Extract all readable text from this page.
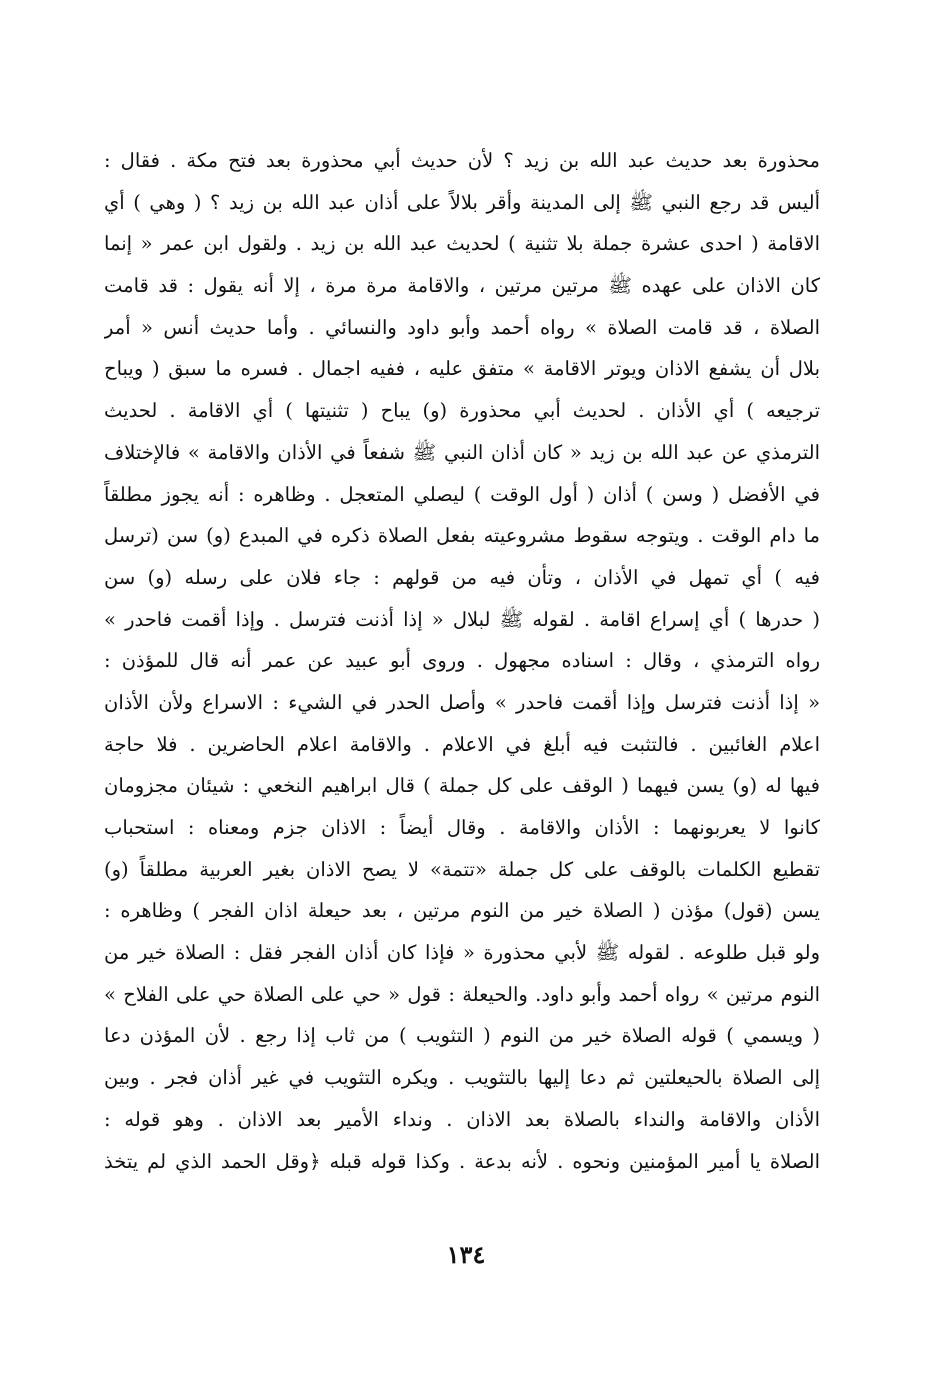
محذورة بعد حديث عبد الله بن زيد ؟ لأن حديث أبي محذورة بعد فتح مكة . فقال :
أليس قد رجع النبي ﷺ إلى المدينة وأقر بلالاً على أذان عبد الله بن زيد ؟ ( وهي ) أي
الاقامة ( احدى عشرة جملة بلا تثنية ) لحديث عبد الله بن زيد . ولقول ابن عمر « إنما
كان الاذان على عهده ﷺ مرتين مرتين ، والاقامة مرة مرة ، إلا أنه يقول : قد قامت
الصلاة ، قد قامت الصلاة » رواه أحمد وأبو داود والنسائي . وأما حديث أنس « أمر
بلال أن يشفع الاذان ويوتر الاقامة » متفق عليه ، ففيه اجمال . فسره ما سبق ( ويباح
ترجيعه ) أي الأذان . لحديث أبي محذورة (و) يباح ( تثنيتها ) أي الاقامة . لحديث
الترمذي عن عبد الله بن زيد « كان أذان النبي ﷺ شفعاً في الأذان والاقامة » فالإختلاف
في الأفضل ( وسن ) أذان ( أول الوقت ) ليصلي المتعجل . وظاهره : أنه يجوز مطلقاً
ما دام الوقت . ويتوجه سقوط مشروعيته بفعل الصلاة ذكره في المبدع (و) سن (ترسل
فيه ) أي تمهل في الأذان ، وتأن فيه من قولهم : جاء فلان على رسله (و) سن
( حدرها ) أي إسراع اقامة . لقوله ﷺ لبلال « إذا أذنت فترسل . وإذا أقمت فاحدر »
رواه الترمذي ، وقال : اسناده مجهول . وروى أبو عبيد عن عمر أنه قال للمؤذن :
« إذا أذنت فترسل وإذا أقمت فاحدر » وأصل الحدر في الشيء : الاسراع ولأن الأذان
اعلام الغائبين . فالتثبت فيه أبلغ في الاعلام . والاقامة اعلام الحاضرين . فلا حاجة
فيها له (و) يسن فيهما ( الوقف على كل جملة ) قال ابراهيم النخعي : شيئان مجزومان
كانوا لا يعربونهما : الأذان والاقامة . وقال أيضاً : الاذان جزم ومعناه : استحباب
تقطيع الكلمات بالوقف على كل جملة «تتمة» لا يصح الاذان بغير العربية مطلقاً (و)
يسن (قول) مؤذن ( الصلاة خير من النوم مرتين ، بعد حيعلة اذان الفجر ) وظاهره :
ولو قبل طلوعه . لقوله ﷺ لأبي محذورة « فإذا كان أذان الفجر فقل : الصلاة خير من
النوم مرتين » رواه أحمد وأبو داود. والحيعلة : قول « حي على الصلاة حي على الفلاح »
( ويسمي ) قوله الصلاة خير من النوم ( التثويب ) من ثاب إذا رجع . لأن المؤذن دعا
إلى الصلاة بالحيعلتين ثم دعا إليها بالتثويب . ويكره التثويب في غير أذان فجر . وبين
الأذان والاقامة والنداء بالصلاة بعد الاذان . ونداء الأمير بعد الاذان . وهو قوله :
الصلاة يا أمير المؤمنين ونحوه . لأنه بدعة . وكذا قوله قبله ﴿وقل الحمد الذي لم يتخذ
١٣٤
